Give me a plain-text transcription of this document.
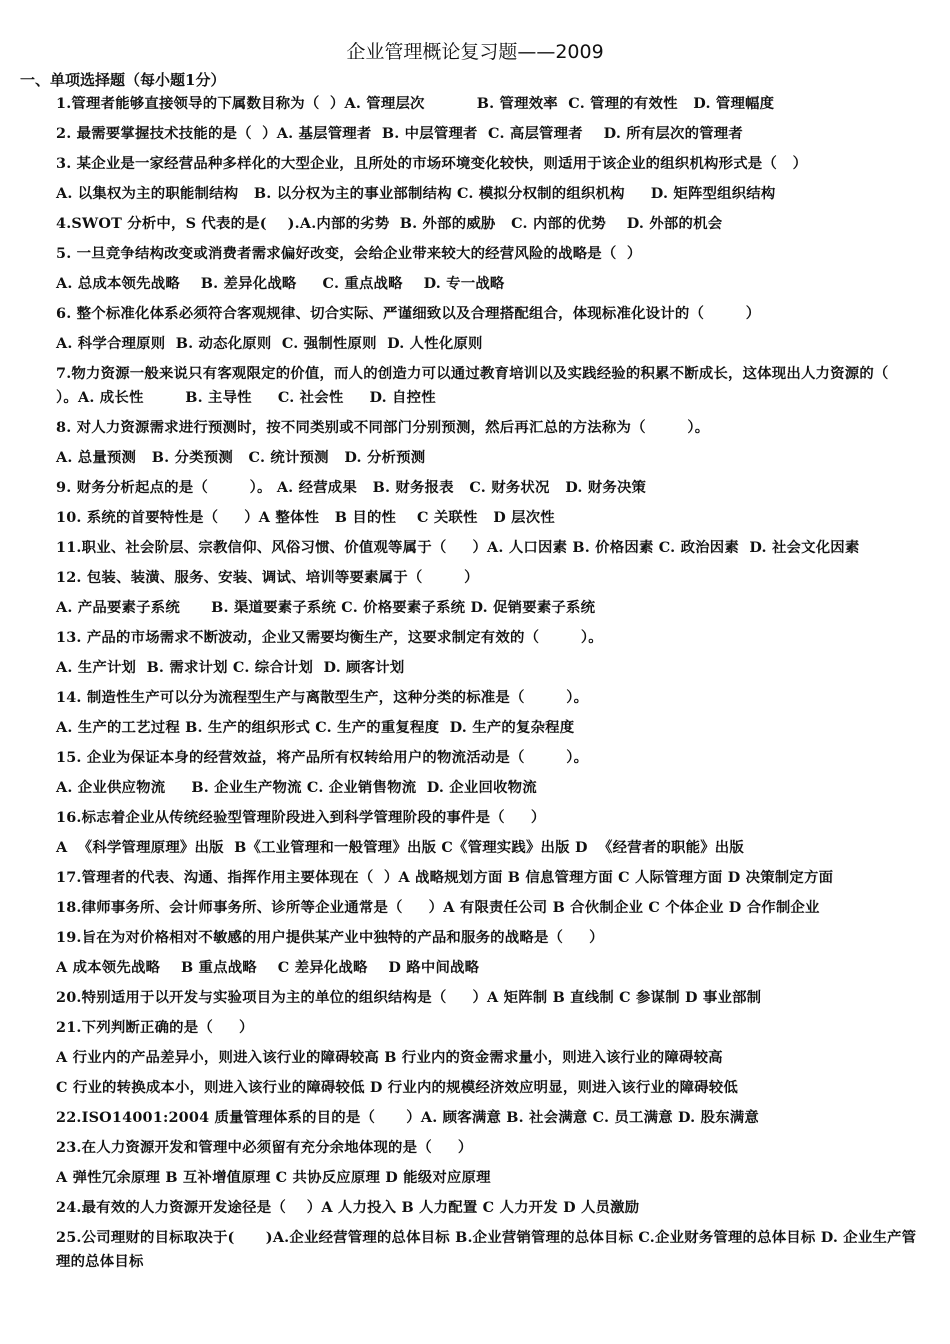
企业管理概论复习题——2009
一、单项选择题（每小题1分）
1.管理者能够直接领导的下属数目称为（  ）A. 管理层次          B. 管理效率  C. 管理的有效性   D. 管理幅度
2. 最需要掌握技术技能的是（  ）A. 基层管理者  B. 中层管理者  C. 高层管理者    D. 所有层次的管理者
3. 某企业是一家经营品种多样化的大型企业，且所处的市场环境变化较快，则适用于该企业的组织机构形式是（   ）
A. 以集权为主的职能制结构   B. 以分权为主的事业部制结构 C. 模拟分权制的组织机构     D. 矩阵型组织结构
4.SWOT 分析中，S 代表的是(    ).A.内部的劣势  B. 外部的威胁   C. 内部的优势    D. 外部的机会
5. 一旦竞争结构改变或消费者需求偏好改变，会给企业带来较大的经营风险的战略是（  ）
A. 总成本领先战略    B. 差异化战略     C. 重点战略    D. 专一战略
6. 整个标准化体系必须符合客观规律、切合实际、严谨细致以及合理搭配组合，体现标准化设计的（        ）
A. 科学合理原则  B. 动态化原则  C. 强制性原则  D. 人性化原则
7.物力资源一般来说只有客观限定的价值，而人的创造力可以通过教育培训以及实践经验的积累不断成长，这体现出人力资源的（        ）。A. 成长性        B. 主导性     C. 社会性     D. 自控性
8. 对人力资源需求进行预测时，按不同类别或不同部门分别预测，然后再汇总的方法称为（        ）。
A. 总量预测   B. 分类预测   C. 统计预测   D. 分析预测
9. 财务分析起点的是（        ）。 A. 经营成果   B. 财务报表   C. 财务状况   D. 财务决策
10. 系统的首要特性是（     ）A 整体性   B 目的性    C 关联性   D 层次性
11.职业、社会阶层、宗教信仰、风俗习惯、价值观等属于（     ）A. 人口因素 B. 价格因素 C. 政治因素  D. 社会文化因素
12. 包装、装潢、服务、安装、调试、培训等要素属于（        ）
A. 产品要素子系统      B. 渠道要素子系统 C. 价格要素子系统 D. 促销要素子系统
13. 产品的市场需求不断波动，企业又需要均衡生产，这要求制定有效的（        ）。
A. 生产计划  B. 需求计划 C. 综合计划  D. 顾客计划
14. 制造性生产可以分为流程型生产与离散型生产，这种分类的标准是（        ）。
A. 生产的工艺过程 B. 生产的组织形式 C. 生产的重复程度  D. 生产的复杂程度
15. 企业为保证本身的经营效益，将产品所有权转给用户的物流活动是（        ）。
A. 企业供应物流     B. 企业生产物流 C. 企业销售物流  D. 企业回收物流
16.标志着企业从传统经验型管理阶段进入到科学管理阶段的事件是（     ）
A  《科学管理原理》出版  B《工业管理和一般管理》出版 C《管理实践》出版 D  《经营者的职能》出版
17.管理者的代表、沟通、指挥作用主要体现在（  ）A 战略规划方面 B 信息管理方面 C 人际管理方面 D 决策制定方面
18.律师事务所、会计师事务所、诊所等企业通常是（     ）A 有限责任公司 B 合伙制企业 C 个体企业 D 合作制企业
19.旨在为对价格相对不敏感的用户提供某产业中独特的产品和服务的战略是（     ）
A 成本领先战略    B 重点战略    C 差异化战略    D 路中间战略
20.特别适用于以开发与实验项目为主的单位的组织结构是（     ）A 矩阵制 B 直线制 C 参谋制 D 事业部制
21.下列判断正确的是（     ）
A 行业内的产品差异小，则进入该行业的障碍较高 B 行业内的资金需求量小，则进入该行业的障碍较高
C 行业的转换成本小，则进入该行业的障碍较低 D 行业内的规模经济效应明显，则进入该行业的障碍较低
22.ISO14001:2004 质量管理体系的目的是（      ）A. 顾客满意 B. 社会满意 C. 员工满意 D. 股东满意
23.在人力资源开发和管理中必须留有充分余地体现的是（     ）
A 弹性冗余原理 B 互补增值原理 C 共协反应原理 D 能级对应原理
24.最有效的人力资源开发途径是（    ）A 人力投入 B 人力配置 C 人力开发 D 人员激励
25.公司理财的目标取决于(      )A.企业经营管理的总体目标 B.企业营销管理的总体目标 C.企业财务管理的总体目标 D. 企业生产管理的总体目标
